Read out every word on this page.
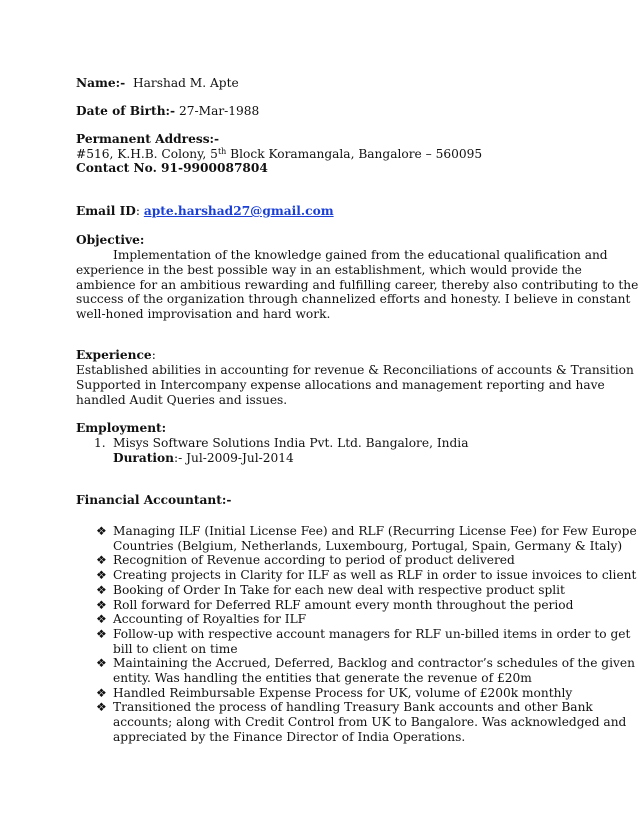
Name:- Harshad M. Apte
Date of Birth:- 27-Mar-1988
Permanent Address:-
#516, K.H.B. Colony, 5th Block Koramangala, Bangalore – 560095
Contact No. 91-9900087804
Email ID: apte.harshad27@gmail.com
Objective:
Implementation of the knowledge gained from the educational qualification and
experience in the best possible way in an establishment, which would provide the
ambience for an ambitious rewarding and fulfilling career, thereby also contributing to the
success of the organization through channelized efforts and honesty. I believe in constant
well-honed improvisation and hard work.
Experience:
Established abilities in accounting for revenue & Reconciliations of accounts & Transition
Supported in Intercompany expense allocations and management reporting and have
handled Audit Queries and issues.
Employment:
1. Misys Software Solutions India Pvt. Ltd. Bangalore, India
Duration:- Jul-2009-Jul-2014
Financial Accountant:-
❖ Managing ILF (Initial License Fee) and RLF (Recurring License Fee) for Few Europe
Countries (Belgium, Netherlands, Luxembourg, Portugal, Spain, Germany & Italy)
❖ Recognition of Revenue according to period of product delivered
❖ Creating projects in Clarity for ILF as well as RLF in order to issue invoices to client
❖ Booking of Order In Take for each new deal with respective product split
❖ Roll forward for Deferred RLF amount every month throughout the period
❖ Accounting of Royalties for ILF
❖ Follow-up with respective account managers for RLF un-billed items in order to get
bill to client on time
❖ Maintaining the Accrued, Deferred, Backlog and contractor’s schedules of the given
entity. Was handling the entities that generate the revenue of £20m
❖ Handled Reimbursable Expense Process for UK, volume of £200k monthly
❖ Transitioned the process of handling Treasury Bank accounts and other Bank
accounts; along with Credit Control from UK to Bangalore. Was acknowledged and
appreciated by the Finance Director of India Operations.
